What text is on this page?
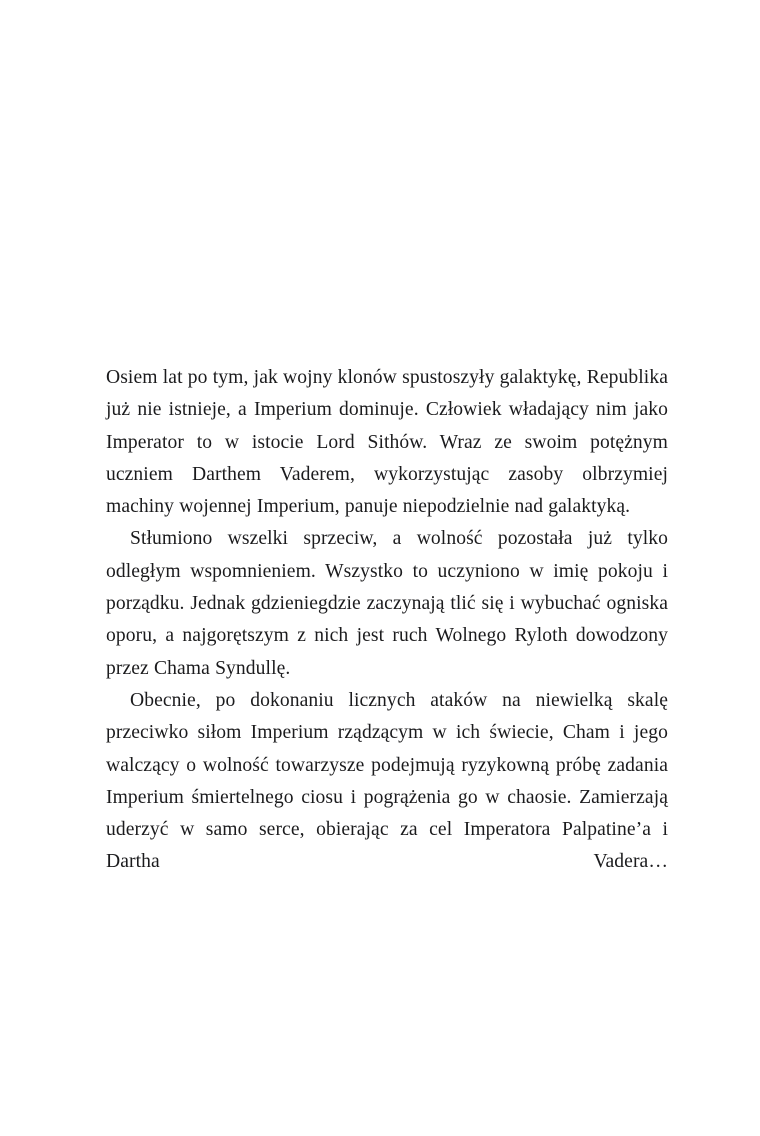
Osiem lat po tym, jak wojny klonów spustoszyły galaktykę, Republika już nie istnieje, a Imperium dominuje. Człowiek władający nim jako Imperator to w istocie Lord Sithów. Wraz ze swoim potężnym uczniem Darthem Vaderem, wykorzystując zasoby olbrzymiej machiny wojennej Imperium, panuje niepodzielnie nad galaktyką.

Stłumiono wszelki sprzeciw, a wolność pozostała już tylko odległym wspomnieniem. Wszystko to uczyniono w imię pokoju i porządku. Jednak gdzieniegdzie zaczynają tlić się i wybuchać ogniska oporu, a najgorętszym z nich jest ruch Wolnego Ryloth dowodzony przez Chama Syndullę.

Obecnie, po dokonaniu licznych ataków na niewielką skalę przeciwko siłom Imperium rządzącym w ich świecie, Cham i jego walczący o wolność towarzysze podejmują ryzykowną próbę zadania Imperium śmiertelnego ciosu i pogrążenia go w chaosie. Zamierzają uderzyć w samo serce, obierając za cel Imperatora Palpatine’a i Dartha Vadera…
